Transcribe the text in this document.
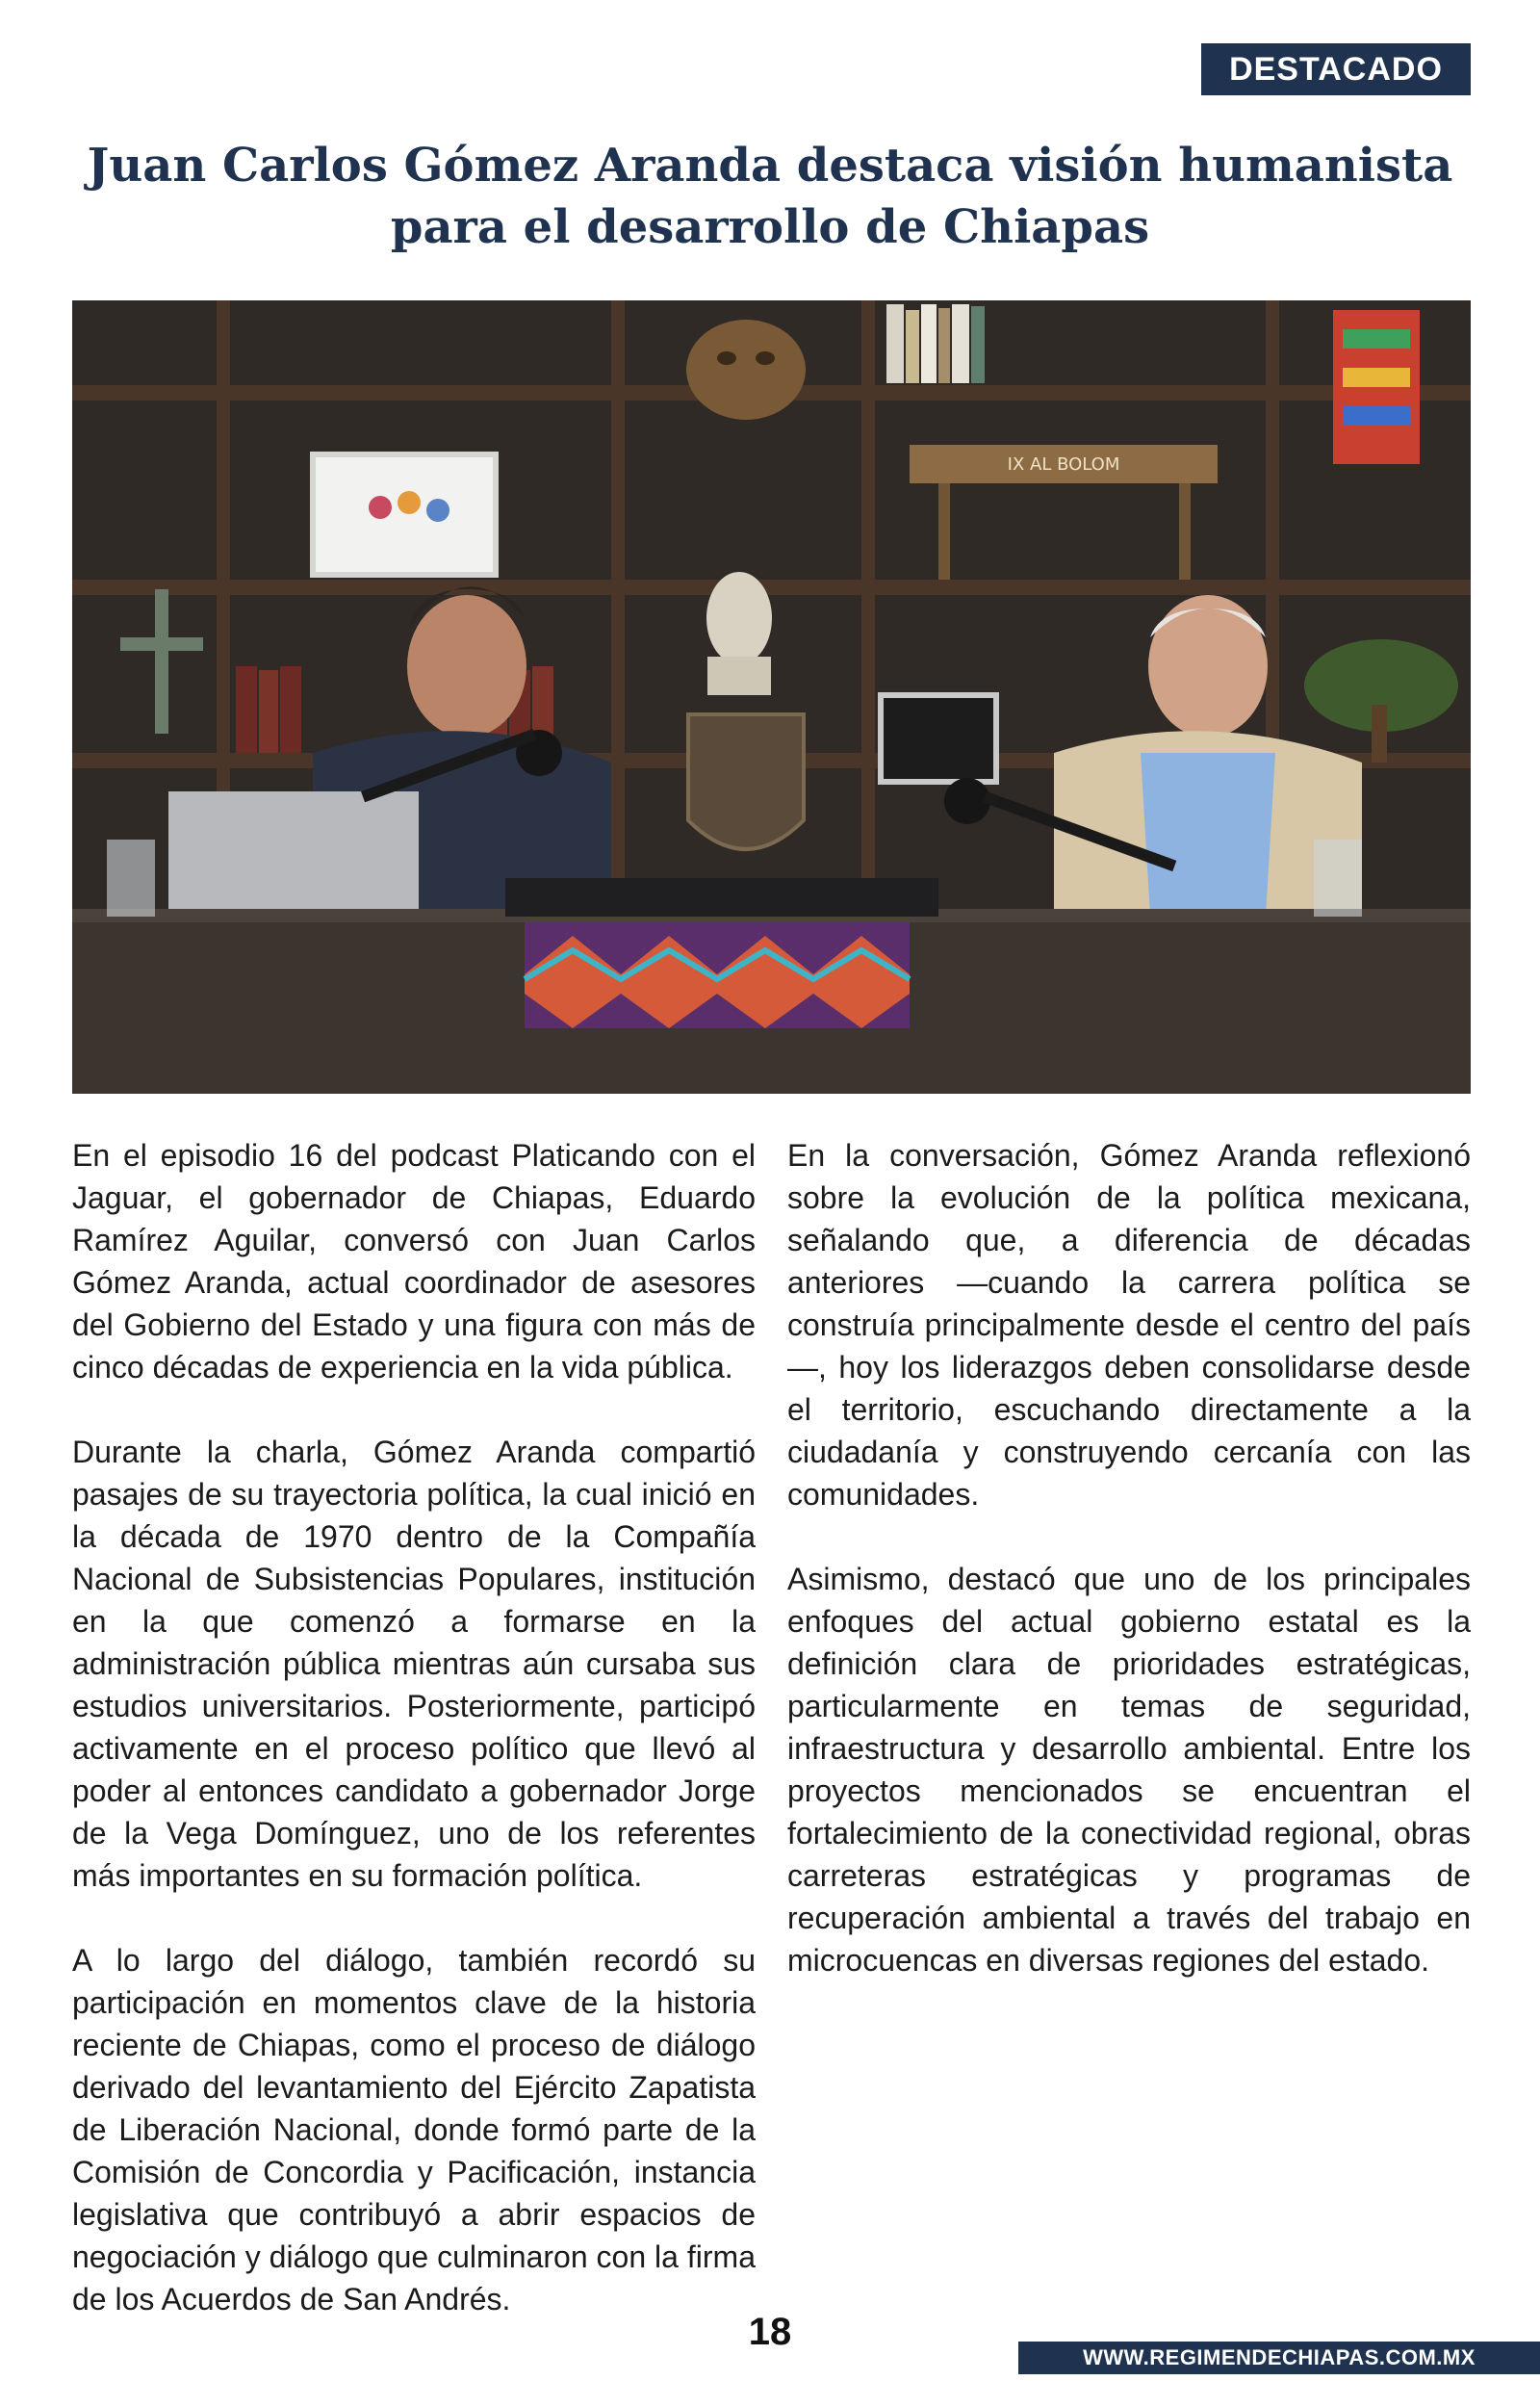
DESTACADO
Juan Carlos Gómez Aranda destaca visión humanista para el desarrollo de Chiapas
IX AL BOLOM

En el episodio 16 del podcast Platicando con el Jaguar, el gobernador de Chiapas, Eduardo Ramírez Aguilar, conversó con Juan Carlos Gómez Aranda, actual coordinador de asesores del Gobierno del Estado y una figura con más de cinco décadas de experiencia en la vida pública.

Durante la charla, Gómez Aranda compartió pasajes de su trayectoria política, la cual inició en la década de 1970 dentro de la Compañía Nacional de Subsistencias Populares, institución en la que comenzó a formarse en la administración pública mientras aún cursaba sus estudios universitarios. Posteriormente, participó activamente en el proceso político que llevó al poder al entonces candidato a gobernador Jorge de la Vega Domínguez, uno de los referentes más importantes en su formación política.

A lo largo del diálogo, también recordó su participación en momentos clave de la historia reciente de Chiapas, como el proceso de diálogo derivado del levantamiento del Ejército Zapatista de Liberación Nacional, donde formó parte de la Comisión de Concordia y Pacificación, instancia legislativa que contribuyó a abrir espacios de negociación y diálogo que culminaron con la firma de los Acuerdos de San Andrés.

En la conversación, Gómez Aranda reflexionó sobre la evolución de la política mexicana, señalando que, a diferencia de décadas anteriores —cuando la carrera política se construía principalmente desde el centro del país—, hoy los liderazgos deben consolidarse desde el territorio, escuchando directamente a la ciudadanía y construyendo cercanía con las comunidades.

Asimismo, destacó que uno de los principales enfoques del actual gobierno estatal es la definición clara de prioridades estratégicas, particularmente en temas de seguridad, infraestructura y desarrollo ambiental. Entre los proyectos mencionados se encuentran el fortalecimiento de la conectividad regional, obras carreteras estratégicas y programas de recuperación ambiental a través del trabajo en microcuencas en diversas regiones del estado.

18
WWW.REGIMENDECHIAPAS.COM.MX
